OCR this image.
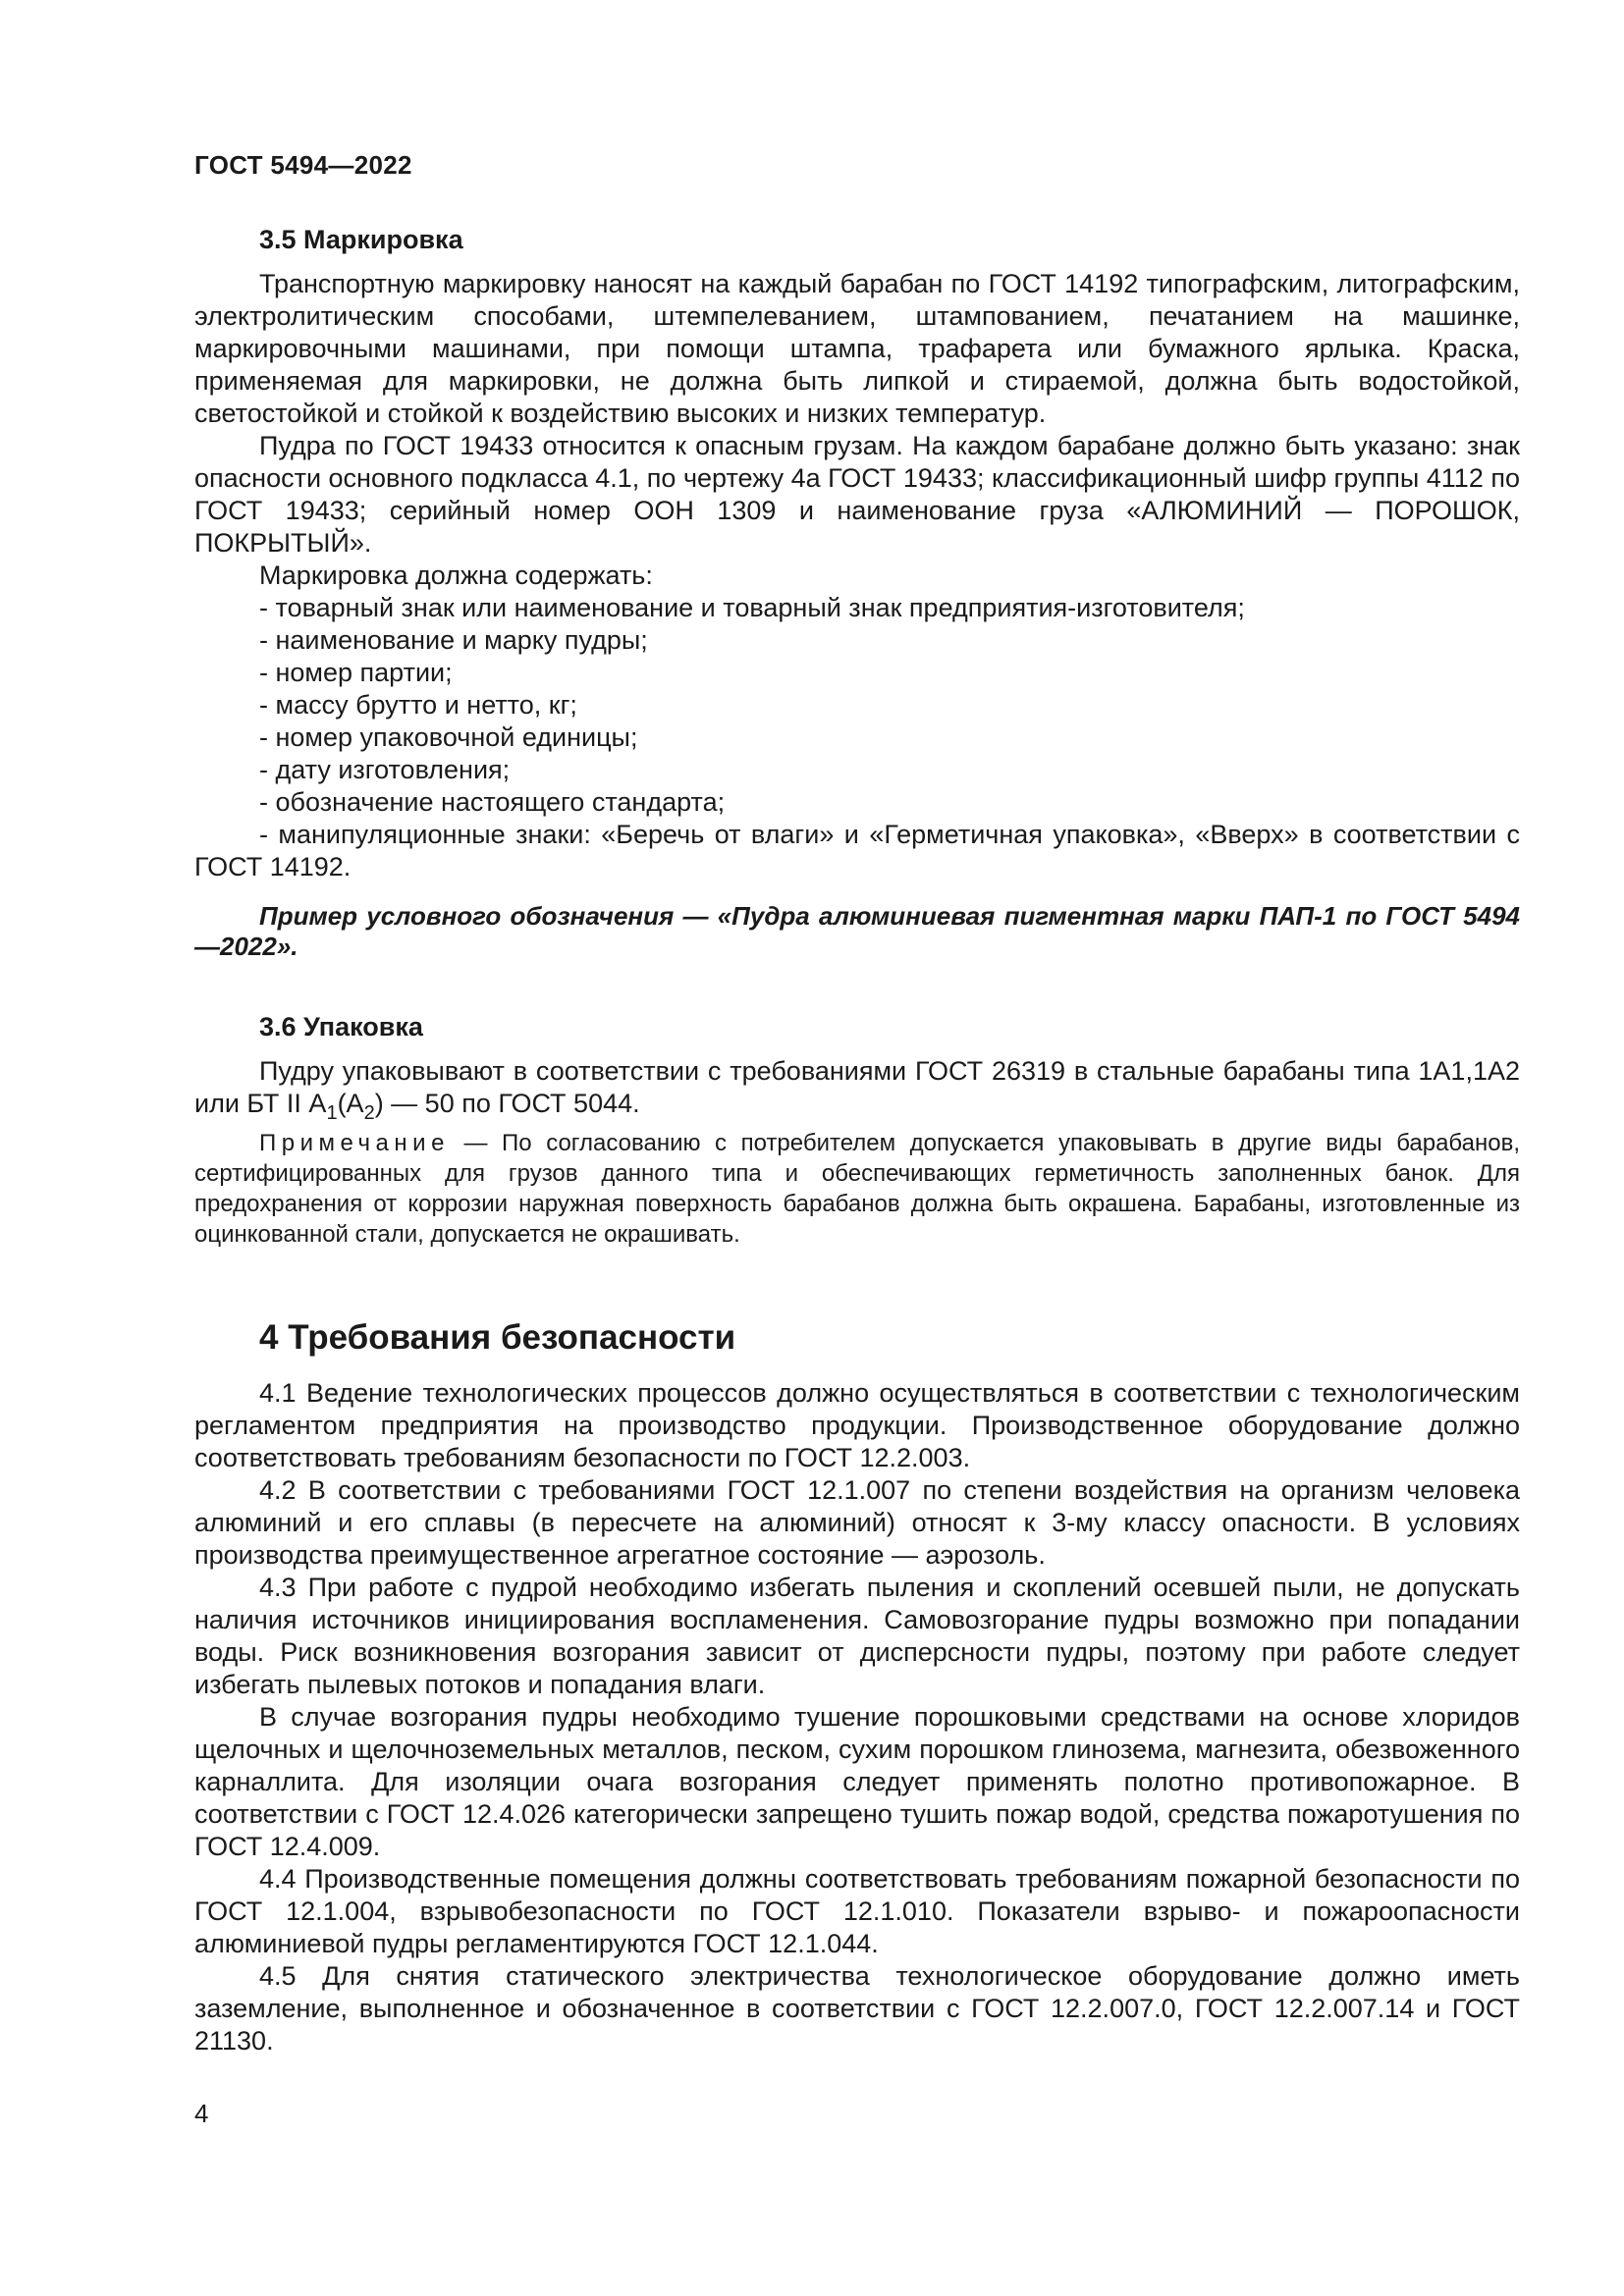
ГОСТ 5494—2022
3.5 Маркировка

Транспортную маркировку наносят на каждый барабан по ГОСТ 14192 типографским, литографским, электролитическим способами, штемпелеванием, штампованием, печатанием на машинке, маркировочными машинами, при помощи штампа, трафарета или бумажного ярлыка. Краска, применяемая для маркировки, не должна быть липкой и стираемой, должна быть водостойкой, светостойкой и стойкой к воздействию высоких и низких температур.

Пудра по ГОСТ 19433 относится к опасным грузам. На каждом барабане должно быть указано: знак опасности основного подкласса 4.1, по чертежу 4а ГОСТ 19433; классификационный шифр группы 4112 по ГОСТ 19433; серийный номер ООН 1309 и наименование груза «АЛЮМИНИЙ — ПОРОШОК, ПОКРЫТЫЙ».

Маркировка должна содержать:

- товарный знак или наименование и товарный знак предприятия-изготовителя;
- наименование и марку пудры;
- номер партии;
- массу брутто и нетто, кг;
- номер упаковочной единицы;
- дату изготовления;
- обозначение настоящего стандарта;
- манипуляционные знаки: «Беречь от влаги» и «Герметичная упаковка», «Вверх» в соответствии с ГОСТ 14192.

Пример условного обозначения — «Пудра алюминиевая пигментная марки ПАП-1 по ГОСТ 5494—2022».

3.6 Упаковка

Пудру упаковывают в соответствии с требованиями ГОСТ 26319 в стальные барабаны типа 1А1,1А2 или БТ II $А_1(А_2)$ — 50 по ГОСТ 5044.

Примечание — По согласованию с потребителем допускается упаковывать в другие виды барабанов, сертифицированных для грузов данного типа и обеспечивающих герметичность заполненных банок. Для предохранения от коррозии наружная поверхность барабанов должна быть окрашена. Барабаны, изготовленные из оцинкованной стали, допускается не окрашивать.

4 Требования безопасности

4.1 Ведение технологических процессов должно осуществляться в соответствии с технологическим регламентом предприятия на производство продукции. Производственное оборудование должно соответствовать требованиям безопасности по ГОСТ 12.2.003.

4.2 В соответствии с требованиями ГОСТ 12.1.007 по степени воздействия на организм человека алюминий и его сплавы (в пересчете на алюминий) относят к 3-му классу опасности. В условиях производства преимущественное агрегатное состояние — аэрозоль.

4.3 При работе с пудрой необходимо избегать пыления и скоплений осевшей пыли, не допускать наличия источников инициирования воспламенения. Самовозгорание пудры возможно при попадании воды. Риск возникновения возгорания зависит от дисперсности пудры, поэтому при работе следует избегать пылевых потоков и попадания влаги.

В случае возгорания пудры необходимо тушение порошковыми средствами на основе хлоридов щелочных и щелочноземельных металлов, песком, сухим порошком глинозема, магнезита, обезвоженного карналлита. Для изоляции очага возгорания следует применять полотно противопожарное. В соответствии с ГОСТ 12.4.026 категорически запрещено тушить пожар водой, средства пожаротушения по ГОСТ 12.4.009.

4.4 Производственные помещения должны соответствовать требованиям пожарной безопасности по ГОСТ 12.1.004, взрывобезопасности по ГОСТ 12.1.010. Показатели взрыво- и пожароопасности алюминиевой пудры регламентируются ГОСТ 12.1.044.

4.5 Для снятия статического электричества технологическое оборудование должно иметь заземление, выполненное и обозначенное в соответствии с ГОСТ 12.2.007.0, ГОСТ 12.2.007.14 и ГОСТ 21130.

4
